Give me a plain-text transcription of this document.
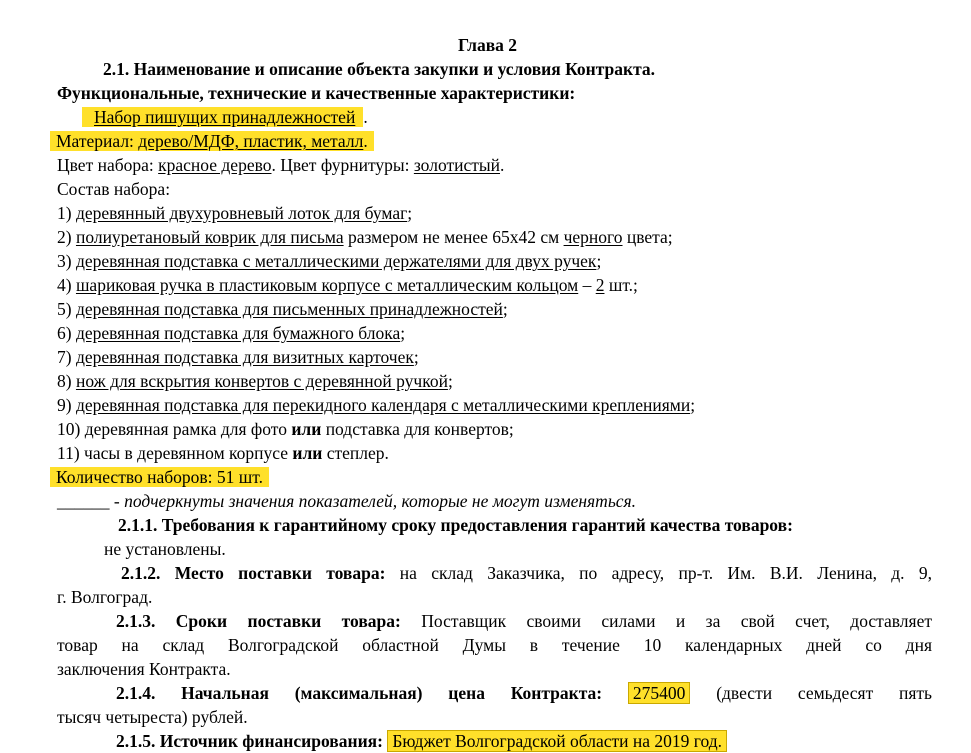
Глава 2
2.1. Наименование и описание объекта закупки и условия Контракта.
Функциональные, технические и качественные характеристики:
Набор пишущих принадлежностей .
Материал: дерево/МДФ, пластик, металл.
Цвет набора: красное дерево. Цвет фурнитуры: золотистый.
Состав набора:
1) деревянный двухуровневый лоток для бумаг;
2) полиуретановый коврик для письма размером не менее 65х42 см черного цвета;
3) деревянная подставка с металлическими держателями для двух ручек;
4) шариковая ручка в пластиковым корпусе с металлическим кольцом – 2 шт.;
5) деревянная подставка для письменных принадлежностей;
6) деревянная подставка для бумажного блока;
7) деревянная подставка для визитных карточек;
8) нож для вскрытия конвертов с деревянной ручкой;
9) деревянная подставка для перекидного календаря с металлическими креплениями;
10) деревянная рамка для фото или подставка для конвертов;
11) часы в деревянном корпусе или степлер.
Количество наборов: 51 шт.
______ - подчеркнуты значения показателей, которые не могут изменяться.
2.1.1. Требования к гарантийному сроку предоставления гарантий качества товаров:
не установлены.
2.1.2. Место поставки товара: на склад Заказчика, по адресу, пр-т. Им. В.И. Ленина, д. 9,
г. Волгоград.
2.1.3. Сроки поставки товара: Поставщик своими силами и за свой счет, доставляет
товар на склад Волгоградской областной Думы в течение 10 календарных дней со дня
заключения Контракта.
2.1.4. Начальная (максимальная) цена Контракта: 275400 (двести семьдесят пять
тысяч четыреста) рублей.
2.1.5. Источник финансирования: Бюджет Волгоградской области на 2019 год.
